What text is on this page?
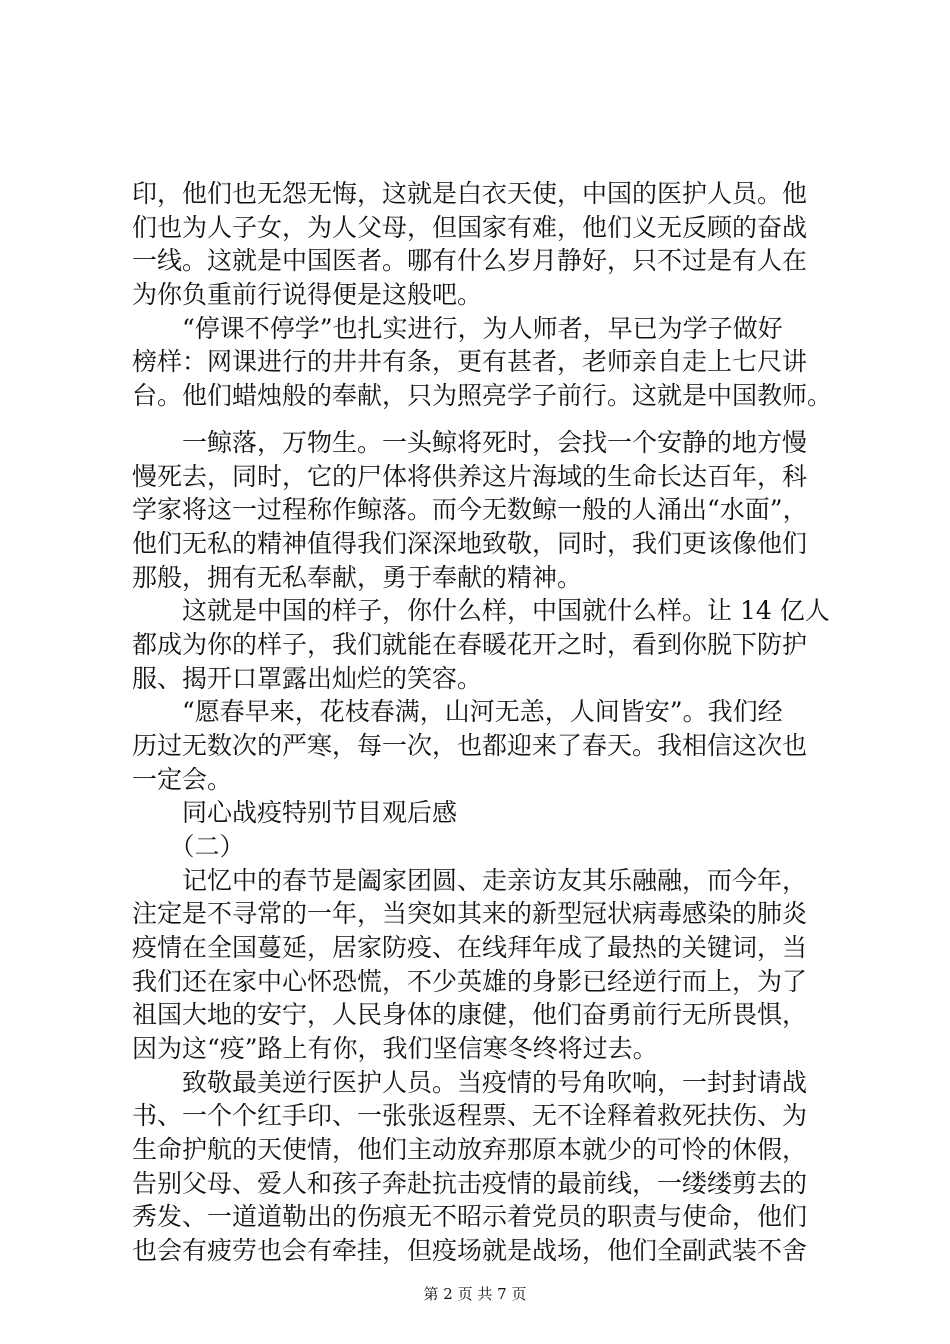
印，他们也无怨无悔，这就是白衣天使，中国的医护人员。他
们也为人子女，为人父母，但国家有难，他们义无反顾的奋战
一线。这就是中国医者。哪有什么岁月静好，只不过是有人在
为你负重前行说得便是这般吧。
　　“停课不停学”也扎实进行，为人师者，早已为学子做好
榜样：网课进行的井井有条，更有甚者，老师亲自走上七尺讲
台。他们蜡烛般的奉献，只为照亮学子前行。这就是中国教师。
　　一鲸落，万物生。一头鲸将死时，会找一个安静的地方慢
慢死去，同时，它的尸体将供养这片海域的生命长达百年，科
学家将这一过程称作鲸落。而今无数鲸一般的人涌出“水面”，
他们无私的精神值得我们深深地致敬，同时，我们更该像他们
那般，拥有无私奉献，勇于奉献的精神。
　　这就是中国的样子，你什么样，中国就什么样。让 14 亿人
都成为你的样子，我们就能在春暖花开之时，看到你脱下防护
服、揭开口罩露出灿烂的笑容。
　　“愿春早来，花枝春满，山河无恙，人间皆安”。我们经
历过无数次的严寒，每一次，也都迎来了春天。我相信这次也
一定会。
　　同心战疫特别节目观后感
　　（二）
　　记忆中的春节是阖家团圆、走亲访友其乐融融，而今年，
注定是不寻常的一年，当突如其来的新型冠状病毒感染的肺炎
疫情在全国蔓延，居家防疫、在线拜年成了最热的关键词，当
我们还在家中心怀恐慌，不少英雄的身影已经逆行而上，为了
祖国大地的安宁，人民身体的康健，他们奋勇前行无所畏惧，
因为这“疫”路上有你，我们坚信寒冬终将过去。
　　致敬最美逆行医护人员。当疫情的号角吹响，一封封请战
书、一个个红手印、一张张返程票、无不诠释着救死扶伤、为
生命护航的天使情，他们主动放弃那原本就少的可怜的休假，
告别父母、爱人和孩子奔赴抗击疫情的最前线，一缕缕剪去的
秀发、一道道勒出的伤痕无不昭示着党员的职责与使命，他们
也会有疲劳也会有牵挂，但疫场就是战场，他们全副武装不舍
第 2 页 共 7 页
